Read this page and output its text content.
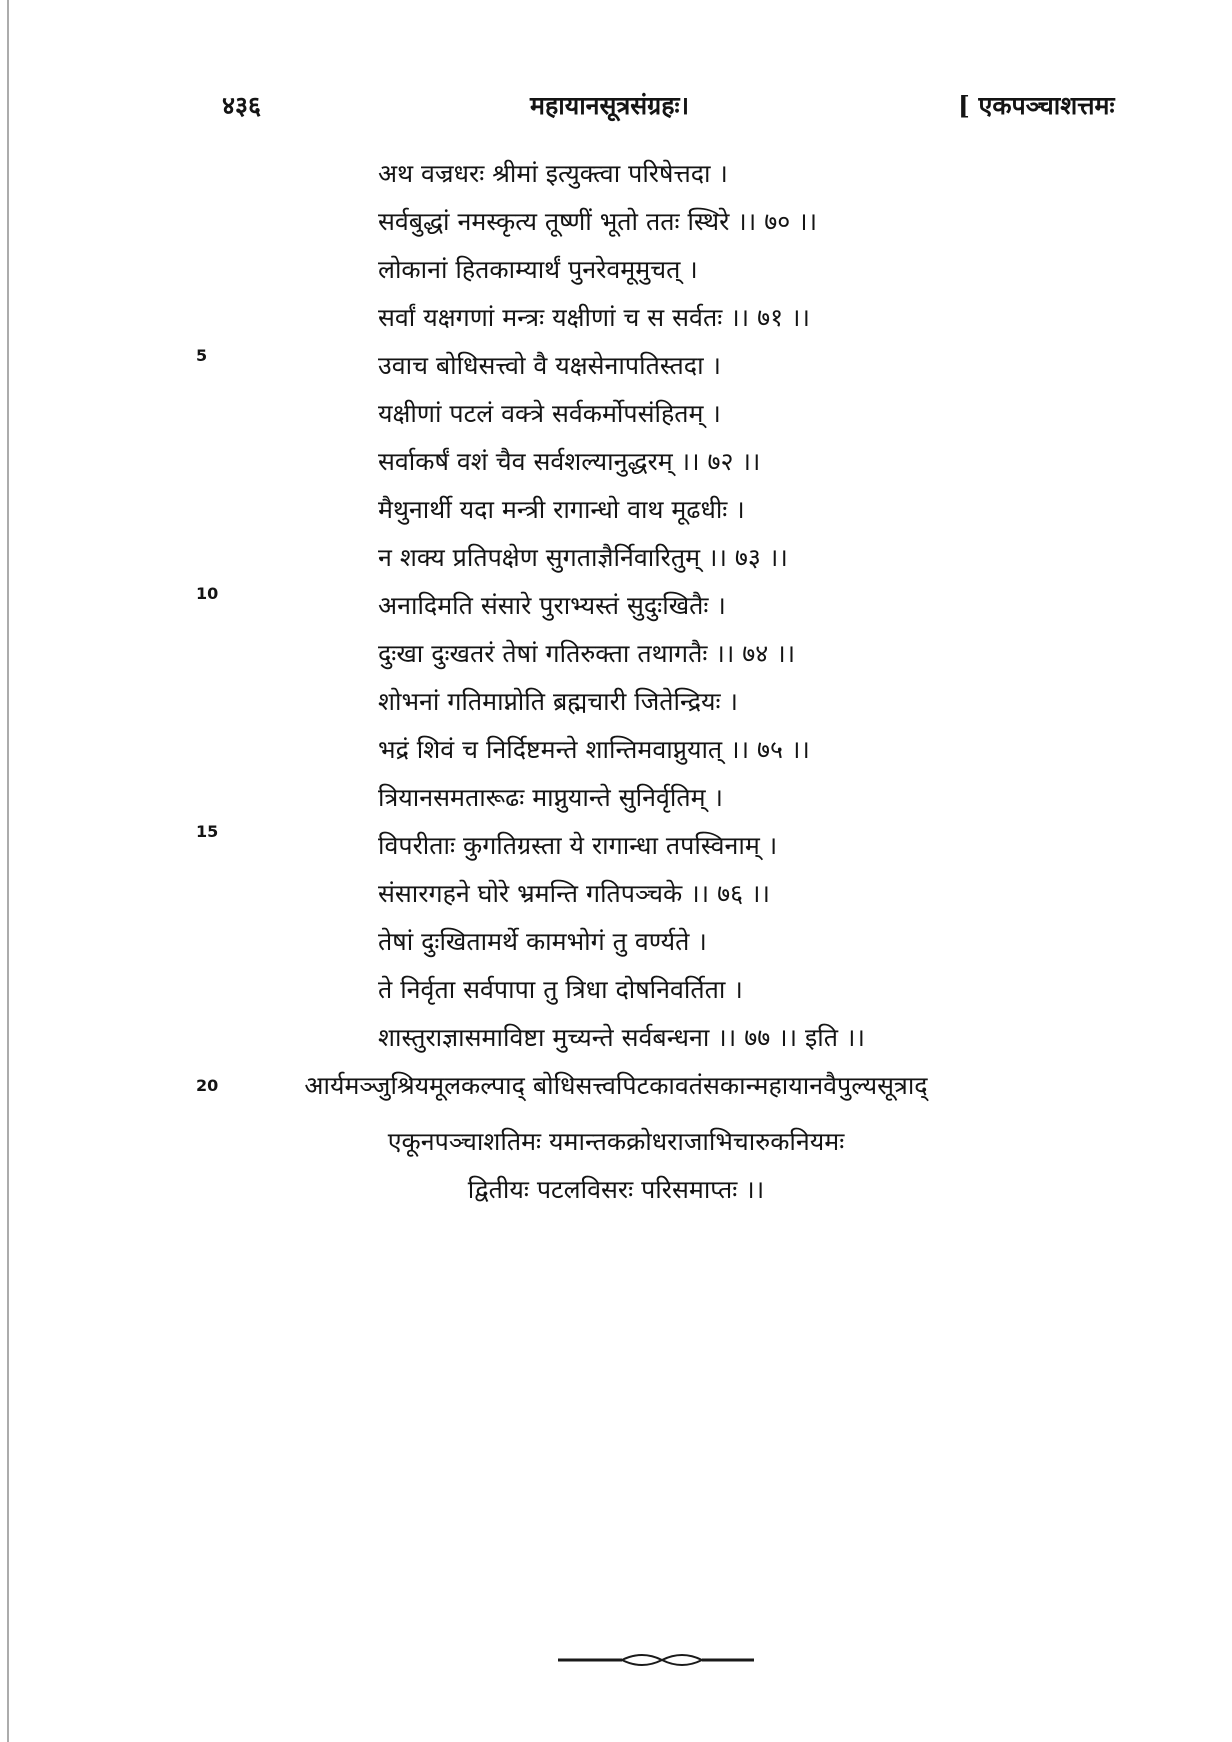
४३६	महायानसूत्रसंग्रहः।	[ एकपञ्चाशत्तमः
अथ वज्रधरः श्रीमां इत्युक्त्वा परिषेत्तदा ।
सर्वबुद्धां नमस्कृत्य तूष्णीं भूतो ततः स्थिरे ।। ७० ।।
लोकानां हितकाम्यार्थं पुनरेवमूमुचत् ।
सर्वां यक्षगणां मन्त्रः यक्षीणां च स सर्वतः ।। ७१ ।।
उवाच बोधिसत्त्वो वै यक्षसेनापतिस्तदा ।
यक्षीणां पटलं वक्त्रे सर्वकर्मोपसंहितम् ।
सर्वाकर्षं वशं चैव सर्वशल्यानुद्धरम् ।। ७२ ।।
मैथुनार्थी यदा मन्त्री रागान्धो वाथ मूढधीः ।
न शक्य प्रतिपक्षेण सुगताज्ञैर्निवारितुम् ।। ७३ ।।
अनादिमति संसारे पुराभ्यस्तं सुदुःखितैः ।
दुःखा दुःखतरं तेषां गतिरुक्ता तथागतैः ।। ७४ ।।
शोभनां गतिमाप्नोति ब्रह्मचारी जितेन्द्रियः ।
भद्रं शिवं च निर्दिष्टमन्ते शान्तिमवाप्नुयात् ।। ७५ ।।
त्रियानसमतारूढः माप्नुयान्ते सुनिर्वृतिम् ।
विपरीताः कुगतिग्रस्ता ये रागान्धा तपस्विनाम् ।
संसारगहने घोरे भ्रमन्ति गतिपञ्चके ।। ७६ ।।
तेषां दुःखितामर्थे कामभोगं तु वर्ण्यते ।
ते निर्वृता सर्वपापा तु त्रिधा दोषनिवर्तिता ।
शास्तुराज्ञासमाविष्टा मुच्यन्ते सर्वबन्धना ।। ७७ ।। इति ।।
5
10
15
20	आर्यमञ्जुश्रियमूलकल्पाद् बोधिसत्त्वपिटकावतंसकान्महायानवैपुल्यसूत्राद्
एकूनपञ्चाशतिमः यमान्तकक्रोधराजाभिचारुकनियमः
द्वितीयः पटलविसरः परिसमाप्तः ।।
